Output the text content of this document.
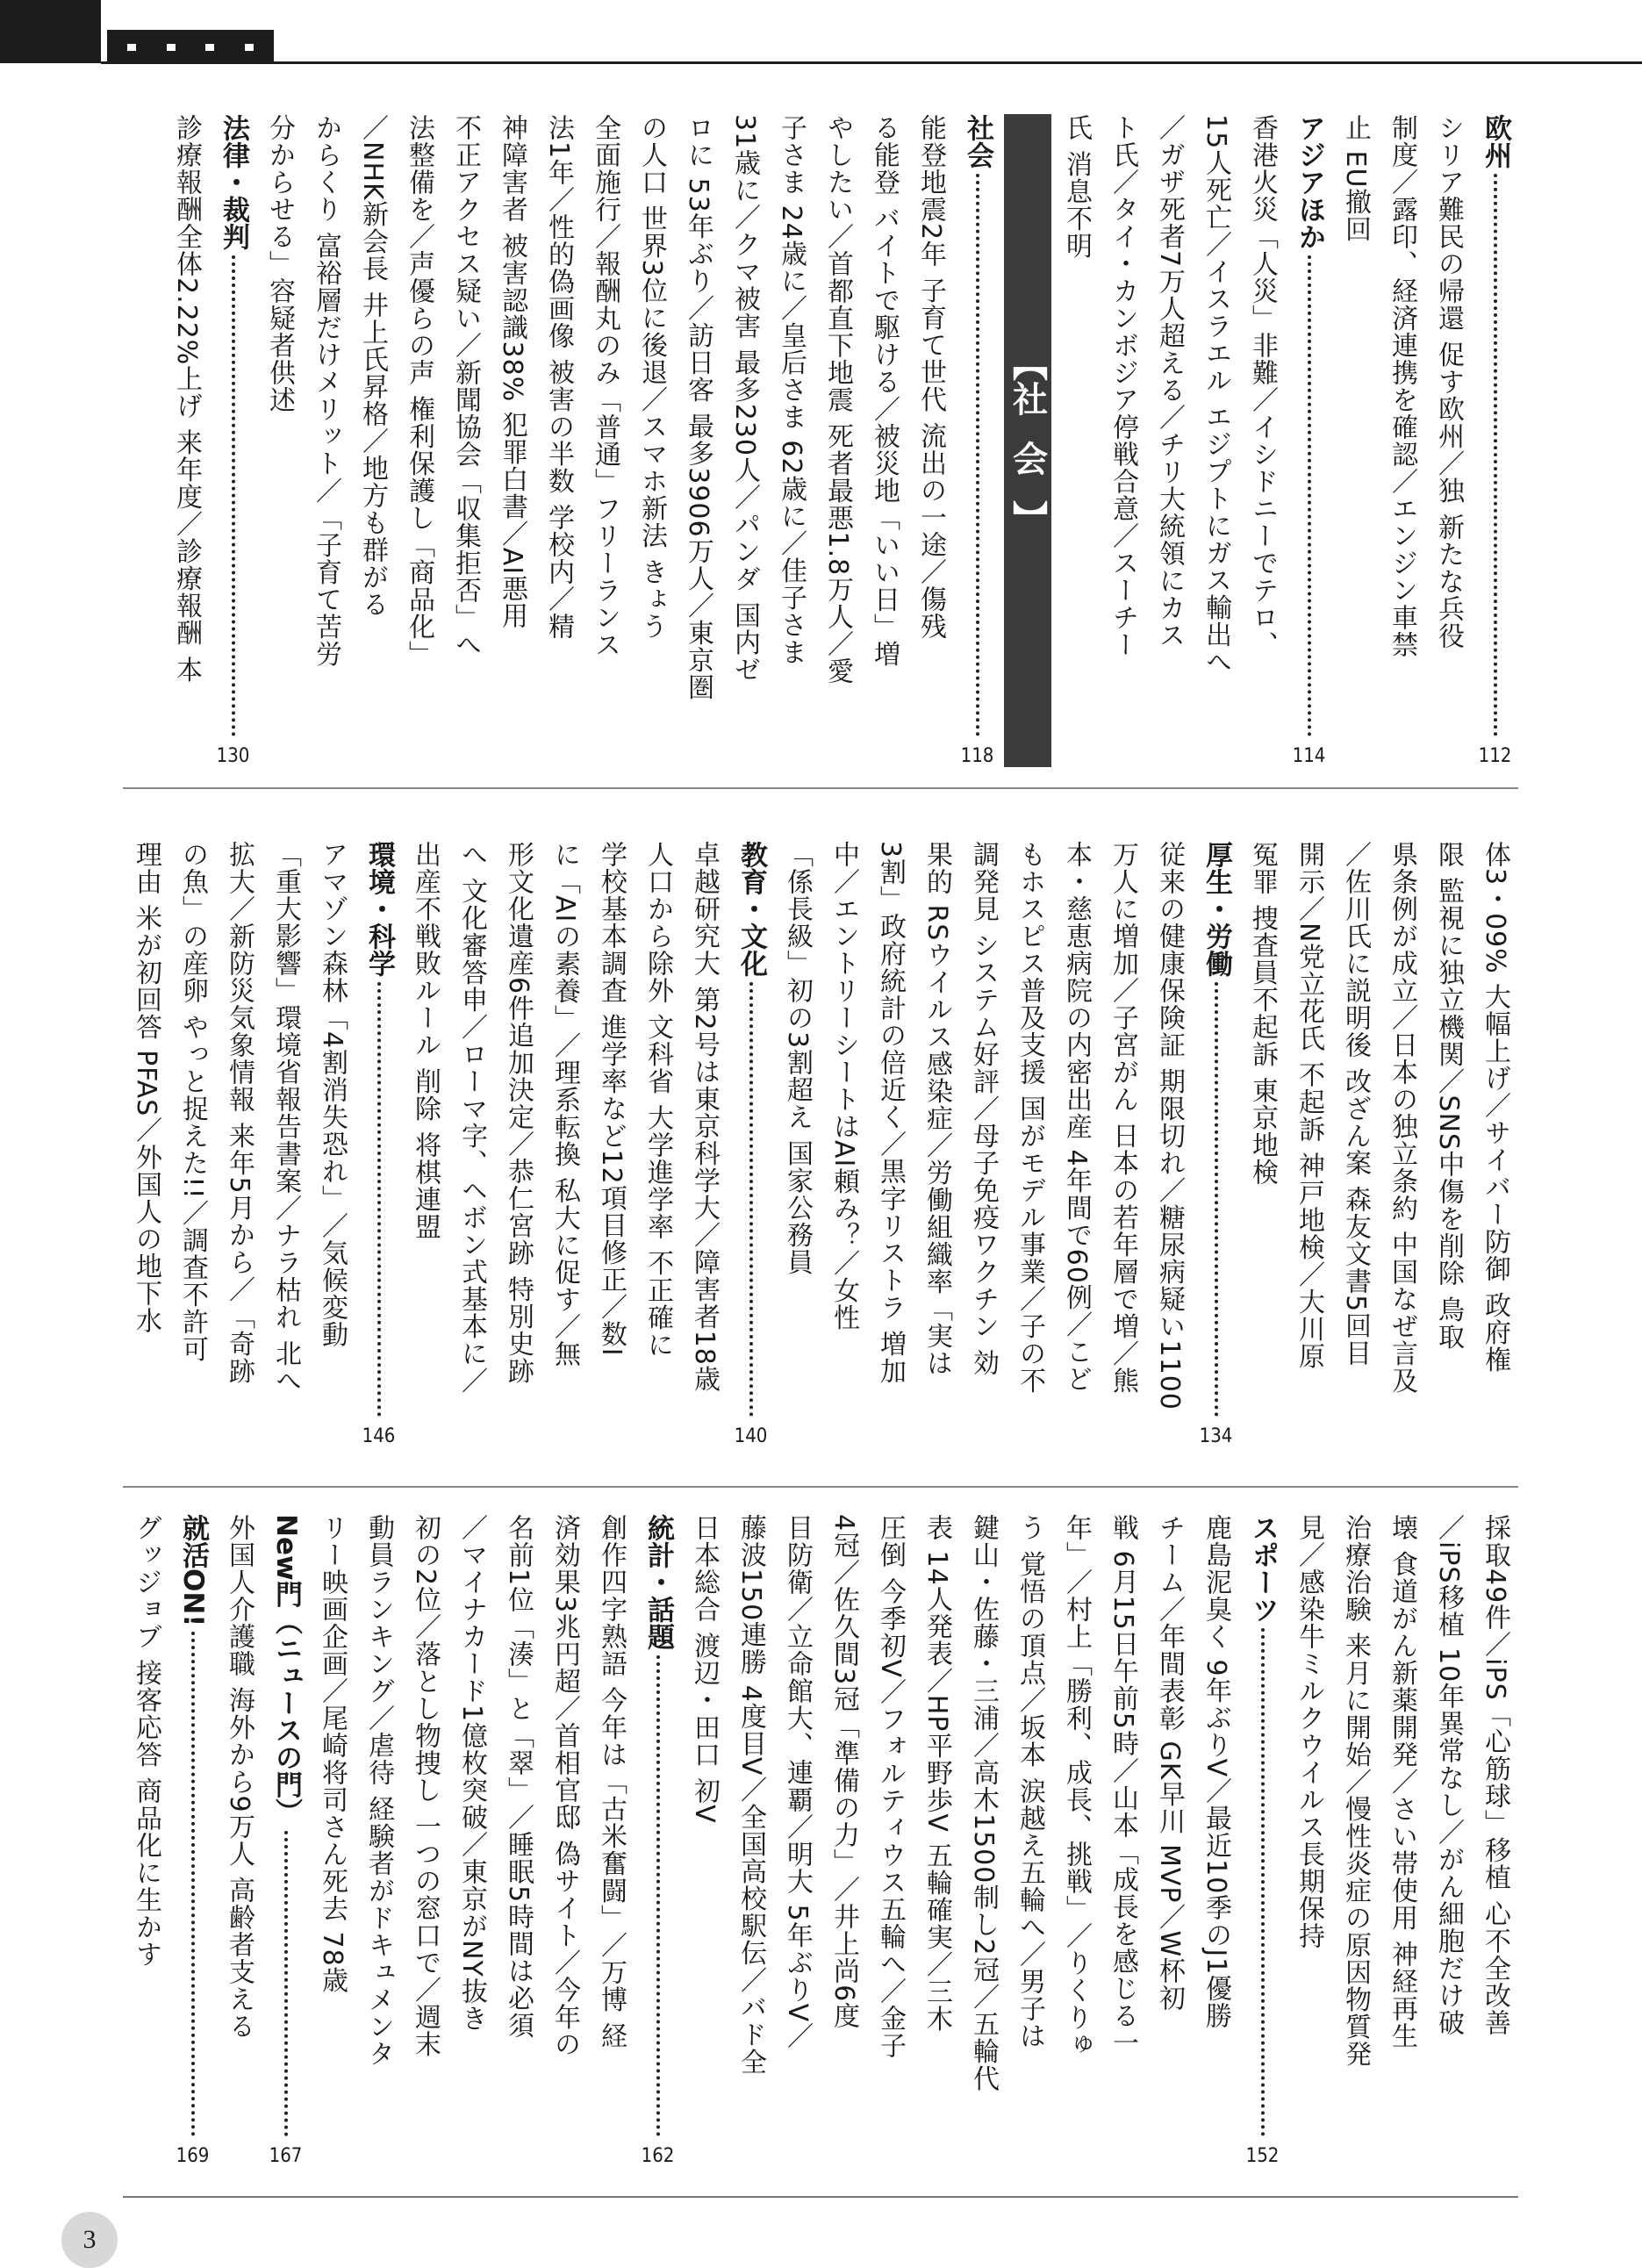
欧州
112
シリア難民の帰還 促す欧州／独 新たな兵役
制度／露印、経済連携を確認／エンジン車禁
止 EU撤回
アジアほか
114
香港火災「人災」非難／イシドニーでテロ、
15人死亡／イスラエル エジプトにガス輸出へ
／ガザ死者7万人超える／チリ大統領にカス
ト氏／タイ・カンボジア停戦合意／スーチー
氏 消息不明
【
社会
】
社会
118
能登地震2年 子育て世代 流出の一途／傷残
る能登 バイトで駆ける／被災地「いい日」増
やしたい／首都直下地震 死者最悪1.8万人／愛
子さま 24歳に／皇后さま 62歳に／佳子さま
31歳に／クマ被害 最多230人／パンダ 国内ゼ
ロに 53年ぶり／訪日客 最多3906万人／東京圏
の人口 世界3位に後退／スマホ新法 きょう
全面施行／報酬丸のみ「普通」フリーランス
法1年／性的偽画像 被害の半数 学校内／精
神障害者 被害認識38% 犯罪白書／AI悪用
不正アクセス疑い／新聞協会「収集拒否」へ
法整備を／声優らの声 権利保護し「商品化」
／NHK新会長 井上氏昇格／地方も群がる
からくり 富裕層だけメリット／「子育て苦労
分からせる」容疑者供述
法律・裁判
130
診療報酬全体2.22%上げ 来年度／診療報酬 本
体3・09% 大幅上げ／サイバー防御 政府権
限 監視に独立機関／SNS中傷を削除 鳥取
県条例が成立／日本の独立条約 中国なぜ言及
／佐川氏に説明後 改ざん案 森友文書5回目
開示／N党立花氏 不起訴 神戸地検／大川原
冤罪 捜査員不起訴 東京地検
厚生・労働
134
従来の健康保険証 期限切れ／糖尿病疑い1100
万人に増加／子宮がん 日本の若年層で増／熊
本・慈恵病院の内密出産 4年間で60例／こど
もホスピス普及支援 国がモデル事業／子の不
調発見 システム好評／母子免疫ワクチン 効
果的 RSウイルス感染症／労働組織率「実は
3割」政府統計の倍近く／黒字リストラ 増加
中／エントリーシートはAI頼み？／女性
「係長級」初の3割超え 国家公務員
教育・文化
140
卓越研究大 第2号は東京科学大／障害者18歳
人口から除外 文科省 大学進学率 不正確に
学校基本調査 進学率など12項目修正／数I
に「AIの素養」／理系転換 私大に促す／無
形文化遺産6件追加決定／恭仁宮跡 特別史跡
へ 文化審答申／ローマ字、ヘボン式基本に／
出産不戦敗ルール 削除 将棋連盟
環境・科学
146
アマゾン森林「4割消失恐れ」／気候変動
「重大影響」環境省報告書案／ナラ枯れ 北へ
拡大／新防災気象情報 来年5月から／「奇跡
の魚」の産卵 やっと捉えた!!／調査不許可
理由 米が初回答 PFAS／外国人の地下水
採取49件／iPS「心筋球」移植 心不全改善
／iPS移植 10年異常なし／がん細胞だけ破
壊 食道がん新薬開発／さい帯使用 神経再生
治療治験 来月に開始／慢性炎症の原因物質発
見／感染牛ミルクウイルス長期保持
スポーツ
152
鹿島泥臭く 9年ぶりV／最近10季のJ1優勝
チーム／年間表彰 GK早川 MVP／W杯初
戦 6月15日午前5時／山本「成長を感じる一
年」／村上「勝利、成長、挑戦」／りくりゅ
う 覚悟の頂点／坂本 涙越え五輪へ／男子は
鍵山・佐藤・三浦／高木1500制し2冠／五輪代
表 14人発表／HP平野歩V 五輪確実／三木
圧倒 今季初V／フォルティウス五輪へ／金子
4冠／佐久間3冠「準備の力」／井上尚6度
目防衛／立命館大、連覇／明大 5年ぶりV／
藤波150連勝 4度目V／全国高校駅伝／バド全
日本総合 渡辺・田口 初V
統計・話題
162
創作四字熟語 今年は「古米奮闘」／万博 経
済効果3兆円超／首相官邸 偽サイト／今年の
名前1位「湊」と「翠」／睡眠5時間は必須
／マイナカード1億枚突破／東京がNY抜き
初の2位／落とし物捜し 一つの窓口で／週末
動員ランキング／虐待 経験者がドキュメンタ
リー映画企画／尾崎将司さん死去 78歳
New門（ニュースの門）
167
外国人介護職 海外から9万人 高齢者支える
就活ON!
169
グッジョブ 接客応答 商品化に生かす
3
